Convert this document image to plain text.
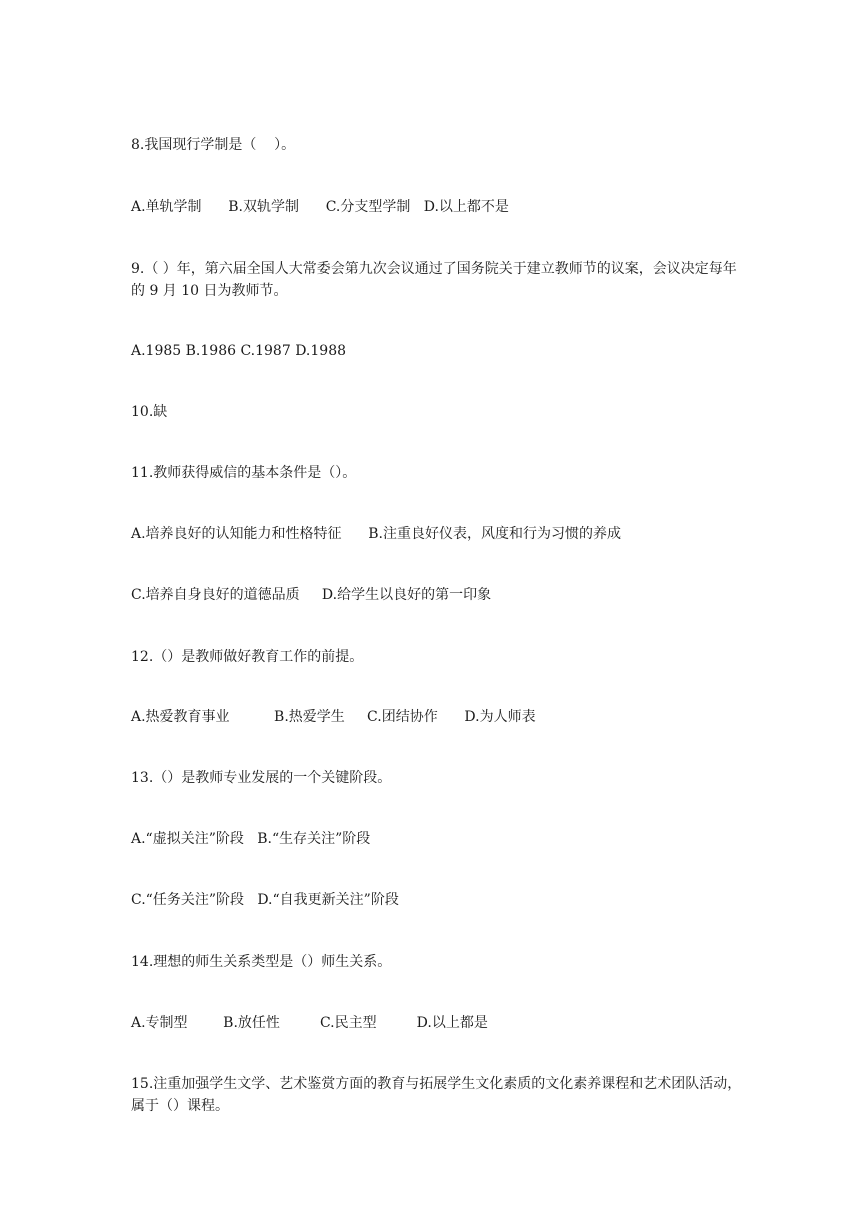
8.我国现行学制是（    ）。

A.单轨学制      B.双轨学制      C.分支型学制   D.以上都不是

9.（ ）年，第六届全国人大常委会第九次会议通过了国务院关于建立教师节的议案，会议决定每年的 9 月 10 日为教师节。

A.1985 B.1986 C.1987 D.1988

10.缺

11.教师获得威信的基本条件是（）。

A.培养良好的认知能力和性格特征      B.注重良好仪表，风度和行为习惯的养成

C.培养自身良好的道德品质     D.给学生以良好的第一印象

12.（）是教师做好教育工作的前提。

A.热爱教育事业          B.热爱学生     C.团结协作      D.为人师表

13.（）是教师专业发展的一个关键阶段。

A.“虚拟关注”阶段   B.“生存关注”阶段

C.“任务关注”阶段   D.“自我更新关注”阶段

14.理想的师生关系类型是（）师生关系。

A.专制型        B.放任性         C.民主型         D.以上都是

15.注重加强学生文学、艺术鉴赏方面的教育与拓展学生文化素质的文化素养课程和艺术团队活动，属于（）课程。
